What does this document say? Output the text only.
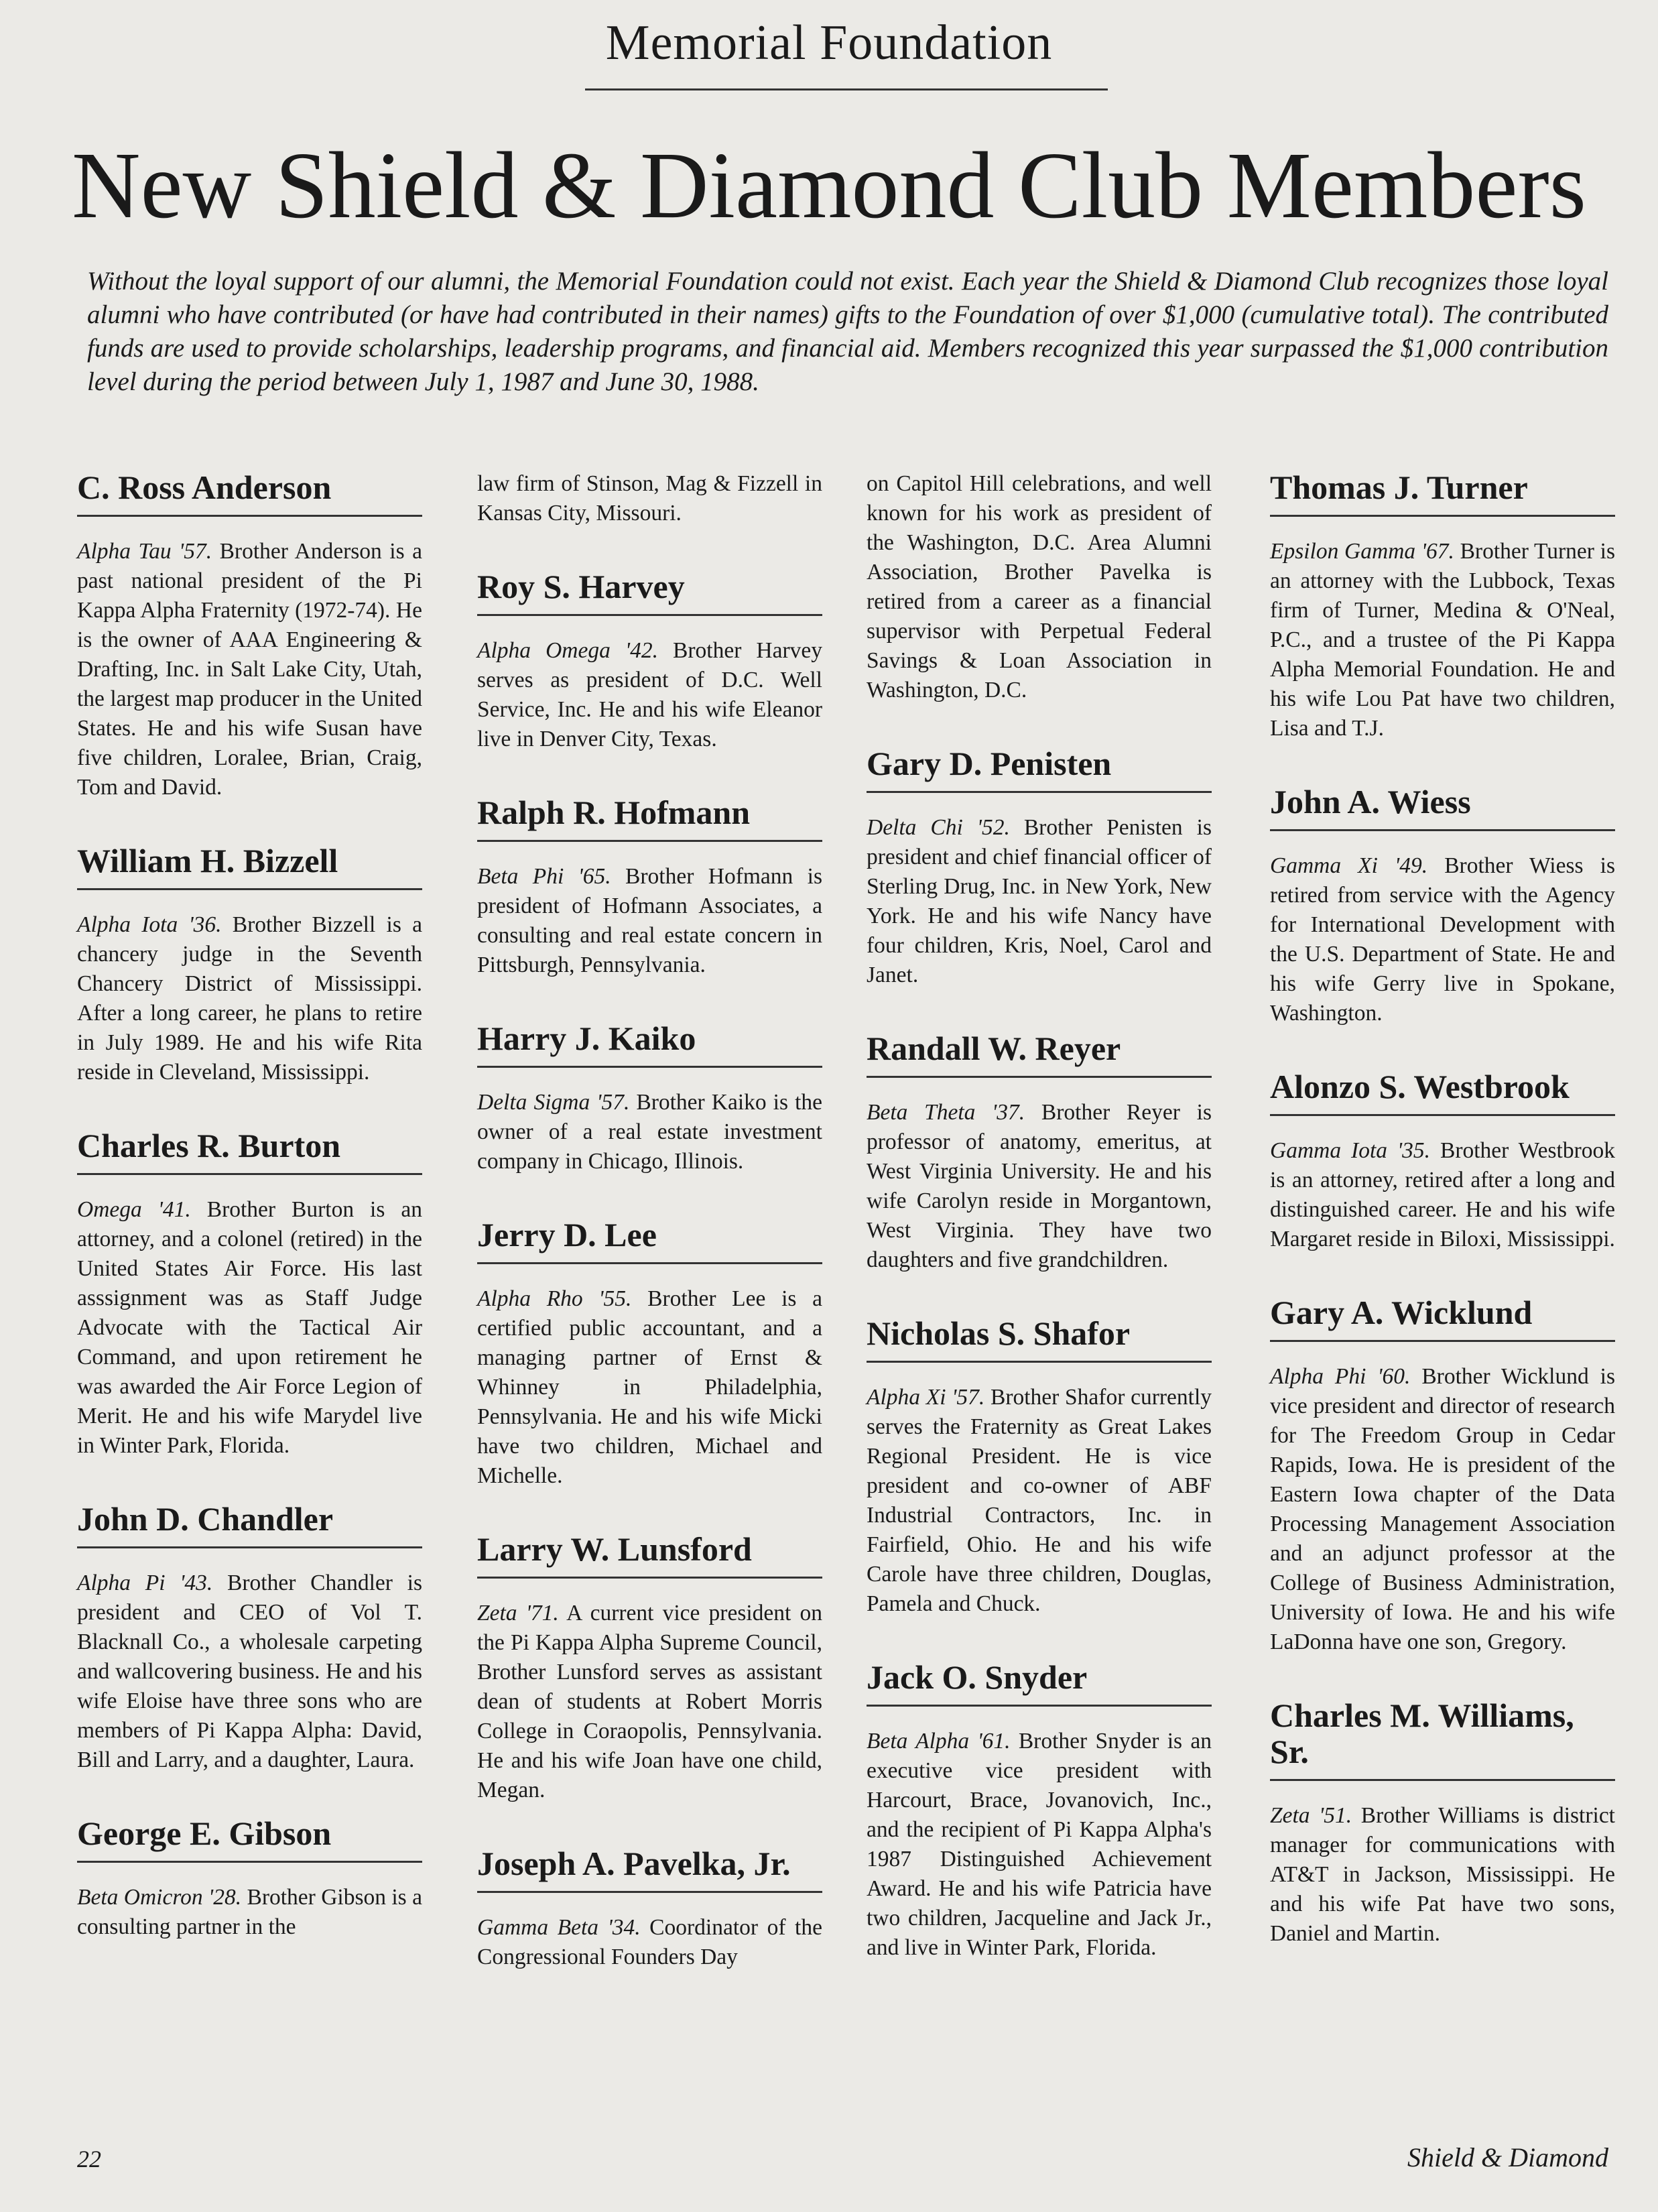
Memorial Foundation
New Shield & Diamond Club Members
Without the loyal support of our alumni, the Memorial Foundation could not exist. Each year the Shield & Diamond Club recognizes those loyal alumni who have contributed (or have had contributed in their names) gifts to the Foundation of over $1,000 (cumulative total). The contributed funds are used to provide scholarships, leadership programs, and financial aid. Members recognized this year surpassed the $1,000 contribution level during the period between July 1, 1987 and June 30, 1988.
C. Ross Anderson
Alpha Tau '57. Brother Anderson is a past national president of the Pi Kappa Alpha Fraternity (1972-74). He is the owner of AAA Engineering & Drafting, Inc. in Salt Lake City, Utah, the largest map producer in the United States. He and his wife Susan have five children, Loralee, Brian, Craig, Tom and David.
William H. Bizzell
Alpha Iota '36. Brother Bizzell is a chancery judge in the Seventh Chancery District of Mississippi. After a long career, he plans to retire in July 1989. He and his wife Rita reside in Cleveland, Mississippi.
Charles R. Burton
Omega '41. Brother Burton is an attorney, and a colonel (retired) in the United States Air Force. His last asssignment was as Staff Judge Advocate with the Tactical Air Command, and upon retirement he was awarded the Air Force Legion of Merit. He and his wife Marydel live in Winter Park, Florida.
John D. Chandler
Alpha Pi '43. Brother Chandler is president and CEO of Vol T. Blacknall Co., a wholesale carpeting and wallcovering business. He and his wife Eloise have three sons who are members of Pi Kappa Alpha: David, Bill and Larry, and a daughter, Laura.
George E. Gibson
Beta Omicron '28. Brother Gibson is a consulting partner in the
law firm of Stinson, Mag & Fizzell in Kansas City, Missouri.
Roy S. Harvey
Alpha Omega '42. Brother Harvey serves as president of D.C. Well Service, Inc. He and his wife Eleanor live in Denver City, Texas.
Ralph R. Hofmann
Beta Phi '65. Brother Hofmann is president of Hofmann Associates, a consulting and real estate concern in Pittsburgh, Pennsylvania.
Harry J. Kaiko
Delta Sigma '57. Brother Kaiko is the owner of a real estate investment company in Chicago, Illinois.
Jerry D. Lee
Alpha Rho '55. Brother Lee is a certified public accountant, and a managing partner of Ernst & Whinney in Philadelphia, Pennsylvania. He and his wife Micki have two children, Michael and Michelle.
Larry W. Lunsford
Zeta '71. A current vice president on the Pi Kappa Alpha Supreme Council, Brother Lunsford serves as assistant dean of students at Robert Morris College in Coraopolis, Pennsylvania. He and his wife Joan have one child, Megan.
Joseph A. Pavelka, Jr.
Gamma Beta '34. Coordinator of the Congressional Founders Day
on Capitol Hill celebrations, and well known for his work as president of the Washington, D.C. Area Alumni Association, Brother Pavelka is retired from a career as a financial supervisor with Perpetual Federal Savings & Loan Association in Washington, D.C.
Gary D. Penisten
Delta Chi '52. Brother Penisten is president and chief financial officer of Sterling Drug, Inc. in New York, New York. He and his wife Nancy have four children, Kris, Noel, Carol and Janet.
Randall W. Reyer
Beta Theta '37. Brother Reyer is professor of anatomy, emeritus, at West Virginia University. He and his wife Carolyn reside in Morgantown, West Virginia. They have two daughters and five grandchildren.
Nicholas S. Shafor
Alpha Xi '57. Brother Shafor currently serves the Fraternity as Great Lakes Regional President. He is vice president and co-owner of ABF Industrial Contractors, Inc. in Fairfield, Ohio. He and his wife Carole have three children, Douglas, Pamela and Chuck.
Jack O. Snyder
Beta Alpha '61. Brother Snyder is an executive vice president with Harcourt, Brace, Jovanovich, Inc., and the recipient of Pi Kappa Alpha's 1987 Distinguished Achievement Award. He and his wife Patricia have two children, Jacqueline and Jack Jr., and live in Winter Park, Florida.
Thomas J. Turner
Epsilon Gamma '67. Brother Turner is an attorney with the Lubbock, Texas firm of Turner, Medina & O'Neal, P.C., and a trustee of the Pi Kappa Alpha Memorial Foundation. He and his wife Lou Pat have two children, Lisa and T.J.
John A. Wiess
Gamma Xi '49. Brother Wiess is retired from service with the Agency for International Development with the U.S. Department of State. He and his wife Gerry live in Spokane, Washington.
Alonzo S. Westbrook
Gamma Iota '35. Brother Westbrook is an attorney, retired after a long and distinguished career. He and his wife Margaret reside in Biloxi, Mississippi.
Gary A. Wicklund
Alpha Phi '60. Brother Wicklund is vice president and director of research for The Freedom Group in Cedar Rapids, Iowa. He is president of the Eastern Iowa chapter of the Data Processing Management Association and an adjunct professor at the College of Business Administration, University of Iowa. He and his wife LaDonna have one son, Gregory.
Charles M. Williams, Sr.
Zeta '51. Brother Williams is district manager for communications with AT&T in Jackson, Mississippi. He and his wife Pat have two sons, Daniel and Martin.
22	Shield & Diamond
